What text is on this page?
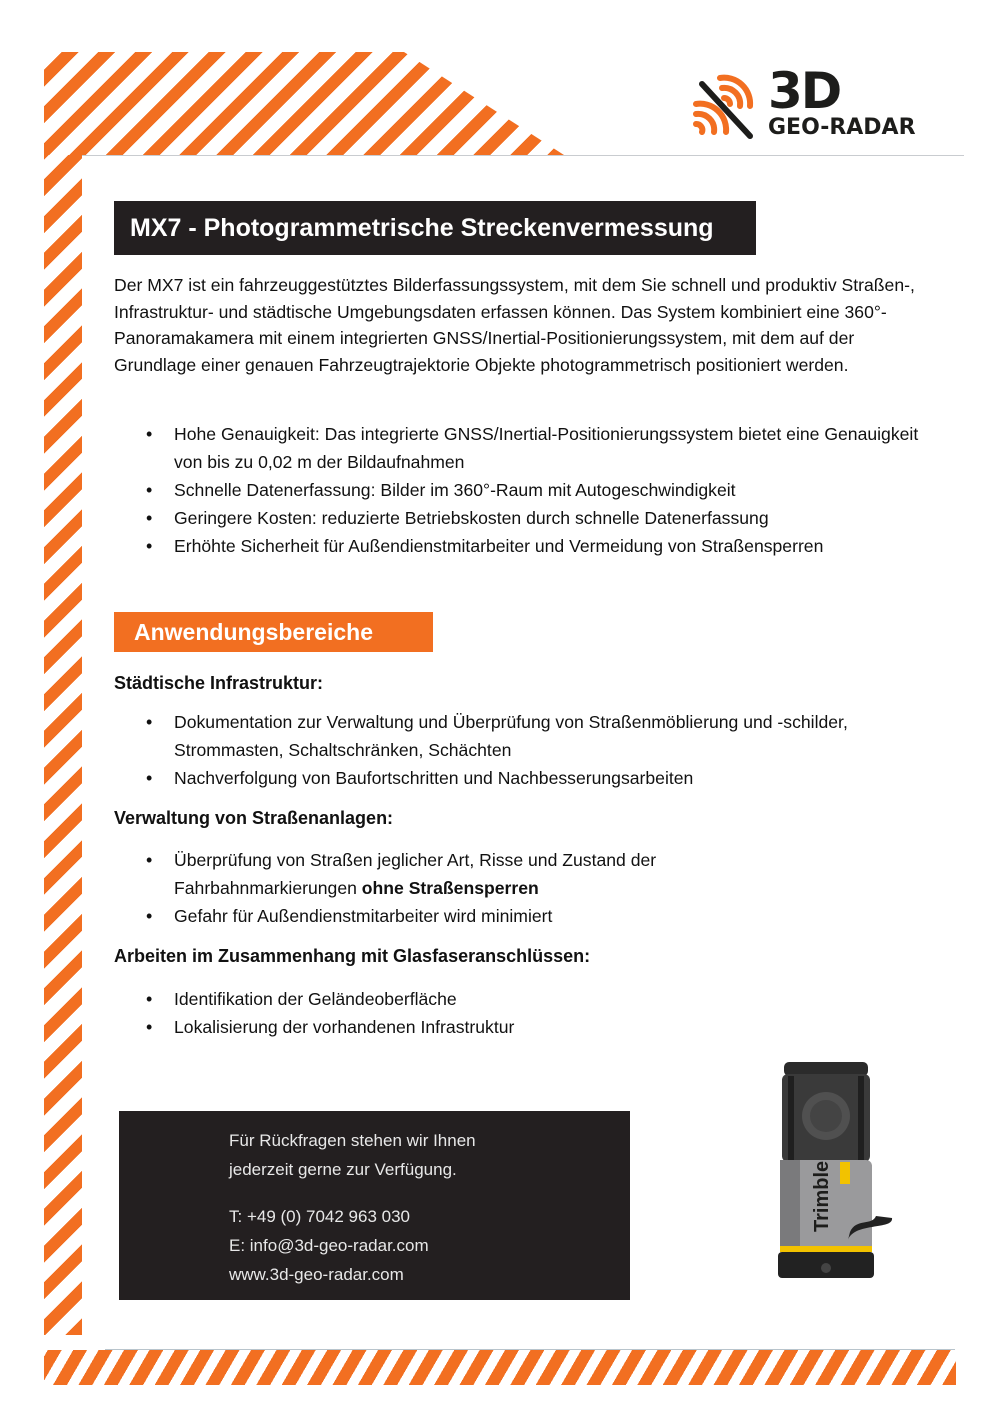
3D
GEO-RADAR
MX7 - Photogrammetrische Streckenvermessung

Der MX7 ist ein fahrzeuggestütztes Bilderfassungssystem, mit dem Sie schnell und produktiv Straßen-, Infrastruktur- und städtische Umgebungsdaten erfassen können. Das System kombiniert eine 360°-Panoramakamera mit einem integrierten GNSS/Inertial-Positionierungssystem, mit dem auf der Grundlage einer genauen Fahrzeugtrajektorie Objekte photogrammetrisch positioniert werden.

• Hohe Genauigkeit: Das integrierte GNSS/Inertial-Positionierungssystem bietet eine Genauigkeit von bis zu 0,02 m der Bildaufnahmen
• Schnelle Datenerfassung: Bilder im 360°-Raum mit Autogeschwindigkeit
• Geringere Kosten: reduzierte Betriebskosten durch schnelle Datenerfassung
• Erhöhte Sicherheit für Außendienstmitarbeiter und Vermeidung von Straßensperren
Anwendungsbereiche
Städtische Infrastruktur:
• Dokumentation zur Verwaltung und Überprüfung von Straßenmöblierung und -schilder, Strommasten, Schaltschränken, Schächten
• Nachverfolgung von Baufortschritten und Nachbesserungsarbeiten
Verwaltung von Straßenanlagen:
• Überprüfung von Straßen jeglicher Art, Risse und Zustand der Fahrbahnmarkierungen ohne Straßensperren
• Gefahr für Außendienstmitarbeiter wird minimiert
Arbeiten im Zusammenhang mit Glasfaseranschlüssen:
• Identifikation der Geländeoberfläche
• Lokalisierung der vorhandenen Infrastruktur
Für Rückfragen stehen wir Ihnen
jederzeit gerne zur Verfügung.
T: +49 (0) 7042 963 030
E: info@3d-geo-radar.com
www.3d-geo-radar.com
Trimble
